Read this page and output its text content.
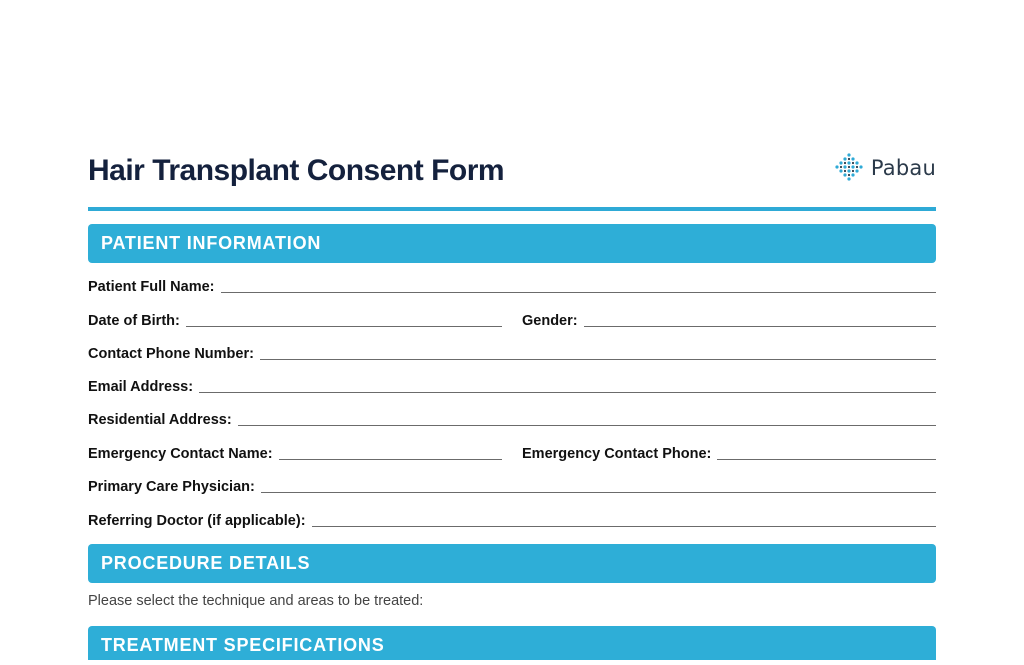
Hair Transplant Consent Form	Pabau
PATIENT INFORMATION
Patient Full Name:
Date of Birth:	Gender:
Contact Phone Number:
Email Address:
Residential Address:
Emergency Contact Name:	Emergency Contact Phone:
Primary Care Physician:
Referring Doctor (if applicable):
PROCEDURE DETAILS
Please select the technique and areas to be treated:
TREATMENT SPECIFICATIONS
